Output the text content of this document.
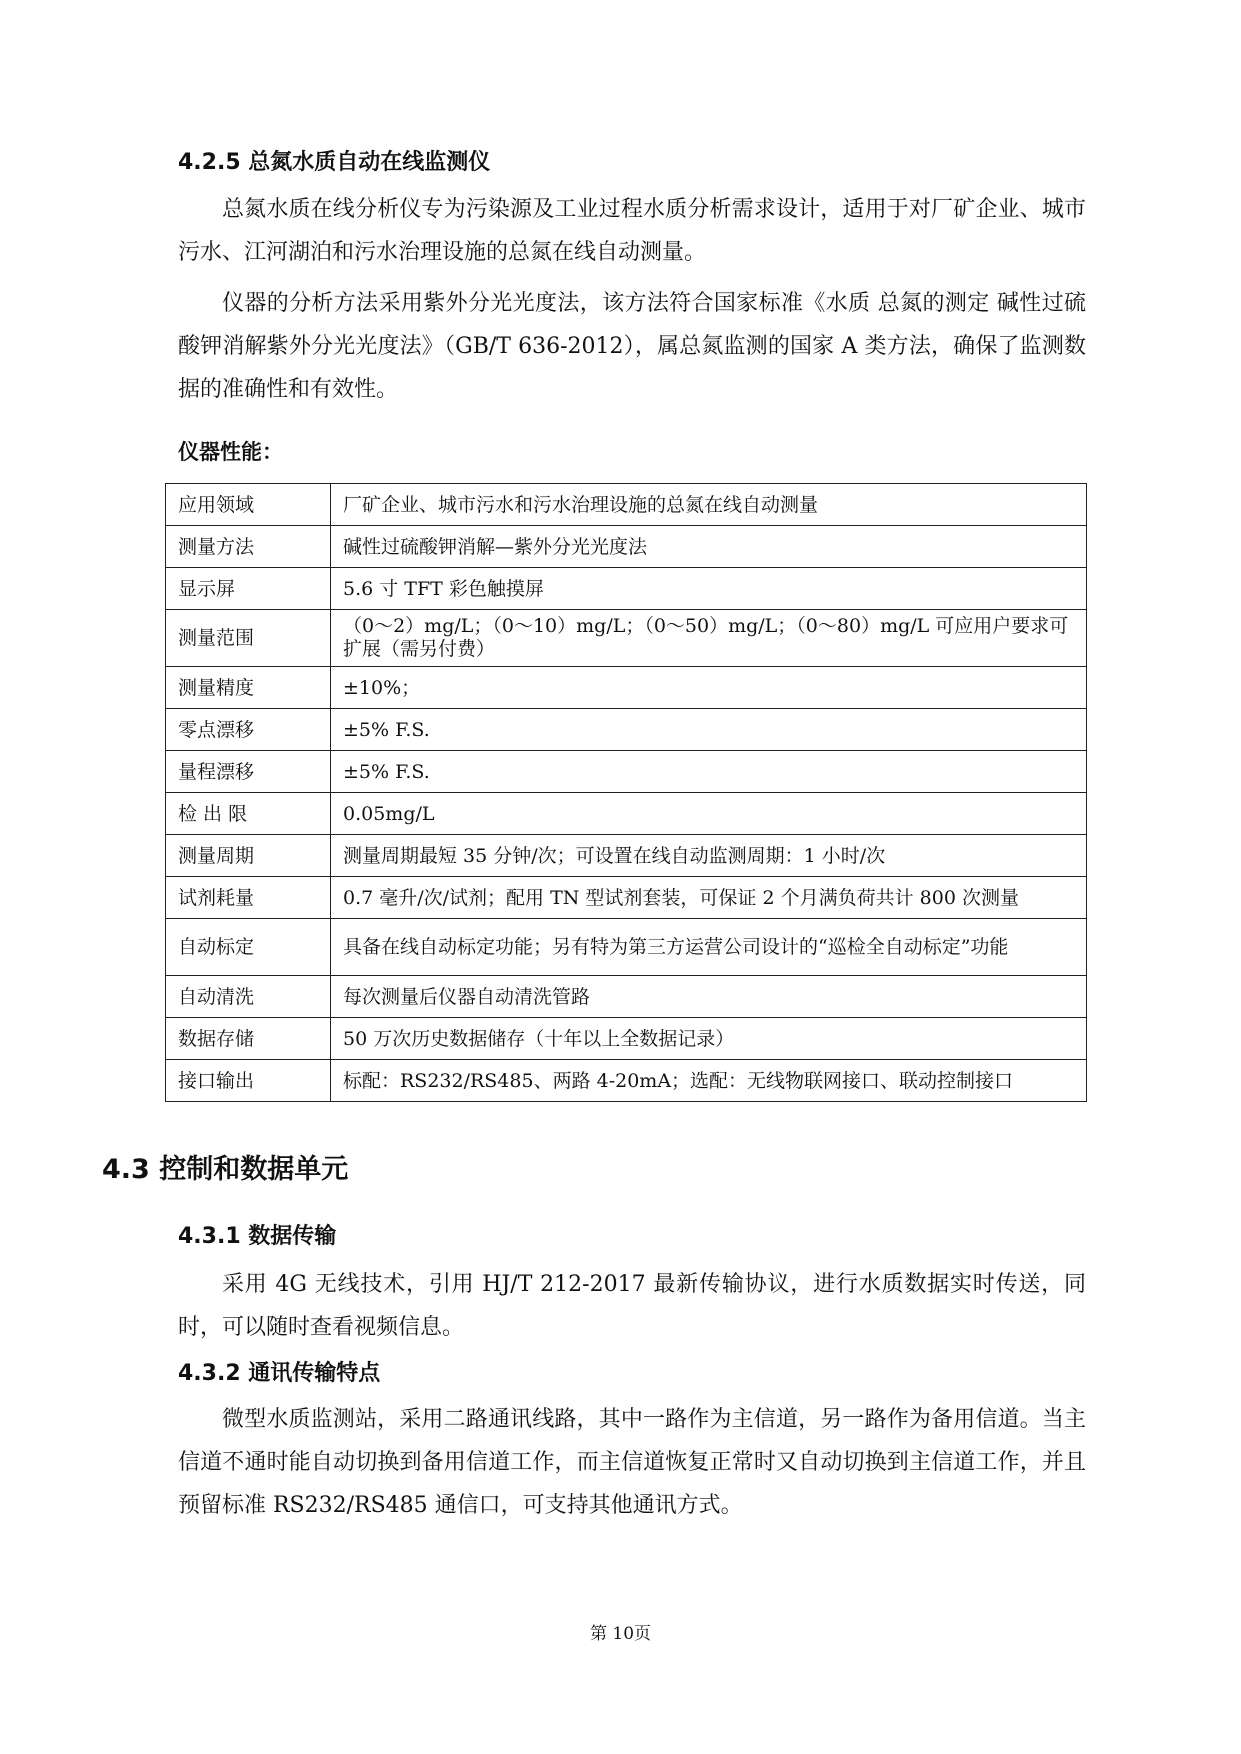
4.2.5 总氮水质自动在线监测仪

总氮水质在线分析仪专为污染源及工业过程水质分析需求设计，适用于对厂矿企业、城市污水、江河湖泊和污水治理设施的总氮在线自动测量。

仪器的分析方法采用紫外分光光度法，该方法符合国家标准《水质 总氮的测定 碱性过硫酸钾消解紫外分光光度法》（GB/T 636-2012），属总氮监测的国家 A 类方法，确保了监测数据的准确性和有效性。

仪器性能：

应用领域	厂矿企业、城市污水和污水治理设施的总氮在线自动测量
测量方法	碱性过硫酸钾消解—紫外分光光度法
显示屏	5.6 寸 TFT 彩色触摸屏
测量范围	（0～2）mg/L；（0～10）mg/L；（0～50）mg/L；（0～80）mg/L 可应用户要求可扩展（需另付费）
测量精度	±10%；
零点漂移	±5% F.S.
量程漂移	±5% F.S.
检 出 限	0.05mg/L
测量周期	测量周期最短 35 分钟/次；可设置在线自动监测周期：1 小时/次
试剂耗量	0.7 毫升/次/试剂；配用 TN 型试剂套装，可保证 2 个月满负荷共计 800 次测量
自动标定	具备在线自动标定功能；另有特为第三方运营公司设计的“巡检全自动标定”功能
自动清洗	每次测量后仪器自动清洗管路
数据存储	50 万次历史数据储存（十年以上全数据记录）
接口输出	标配：RS232/RS485、两路 4-20mA；选配：无线物联网接口、联动控制接口
4.3 控制和数据单元
4.3.1 数据传输

采用 4G 无线技术，引用 HJ/T 212-2017 最新传输协议，进行水质数据实时传送，同时，可以随时查看视频信息。

4.3.2 通讯传输特点

微型水质监测站，采用二路通讯线路，其中一路作为主信道，另一路作为备用信道。当主信道不通时能自动切换到备用信道工作，而主信道恢复正常时又自动切换到主信道工作，并且预留标准 RS232/RS485 通信口，可支持其他通讯方式。

第 10页
